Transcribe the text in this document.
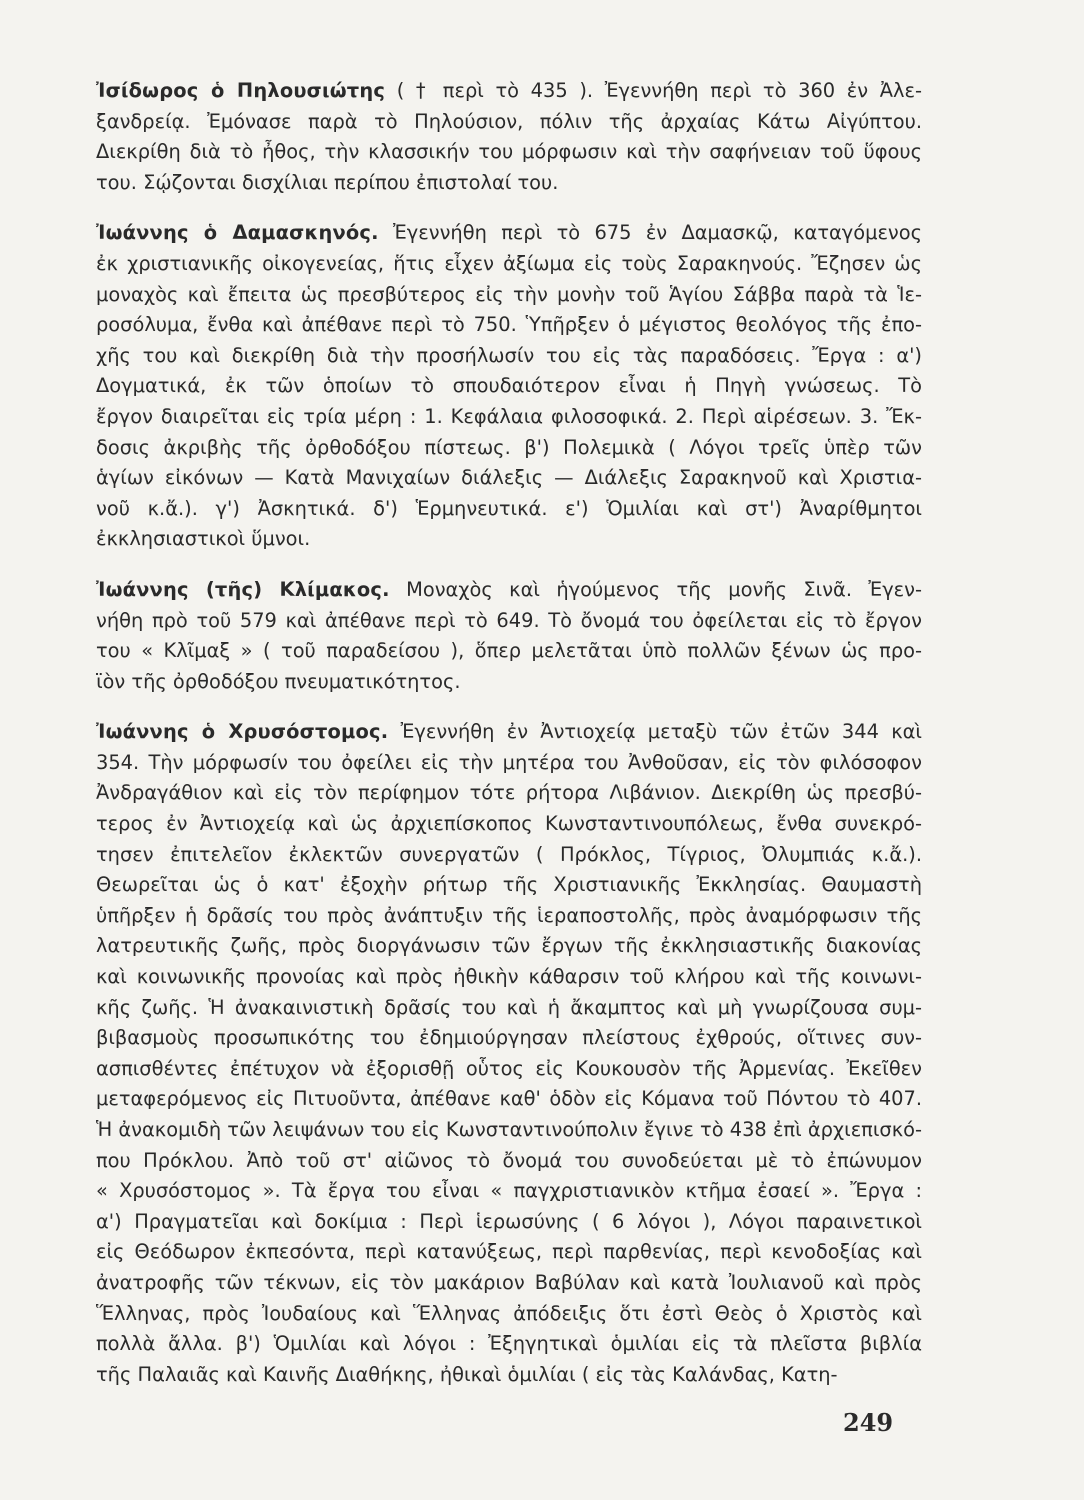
Ἰσίδωρος ὁ Πηλουσιώτης ( † περὶ τὸ 435 ). Ἐγεννήθη περὶ τὸ 360 ἐν Ἀλε-
ξανδρείᾳ. Ἐμόνασε παρὰ τὸ Πηλούσιον, πόλιν τῆς ἀρχαίας Κάτω Αἰγύπτου.
Διεκρίθη διὰ τὸ ἦθος, τὴν κλασσικήν του μόρφωσιν καὶ τὴν σαφήνειαν τοῦ ὕφους
του. Σῴζονται δισχίλιαι περίπου ἐπιστολαί του.
Ἰωάννης ὁ Δαμασκηνός. Ἐγεννήθη περὶ τὸ 675 ἐν Δαμασκῷ, καταγόμενος
ἐκ χριστιανικῆς οἰκογενείας, ἥτις εἶχεν ἀξίωμα εἰς τοὺς Σαρακηνούς. Ἔζησεν ὡς
μοναχὸς καὶ ἔπειτα ὡς πρεσβύτερος εἰς τὴν μονὴν τοῦ Ἁγίου Σάββα παρὰ τὰ Ἱε-
ροσόλυμα, ἔνθα καὶ ἀπέθανε περὶ τὸ 750. Ὑπῆρξεν ὁ μέγιστος θεολόγος τῆς ἐπο-
χῆς του καὶ διεκρίθη διὰ τὴν προσήλωσίν του εἰς τὰς παραδόσεις. Ἔργα : α')
Δογματικά, ἐκ τῶν ὁποίων τὸ σπουδαιότερον εἶναι ἡ Πηγὴ γνώσεως. Τὸ
ἔργον διαιρεῖται εἰς τρία μέρη : 1. Κεφάλαια φιλοσοφικά. 2. Περὶ αἱρέσεων. 3. Ἔκ-
δοσις ἀκριβὴς τῆς ὀρθοδόξου πίστεως. β') Πολεμικὰ ( Λόγοι τρεῖς ὑπὲρ τῶν
ἁγίων εἰκόνων — Κατὰ Μανιχαίων διάλεξις — Διάλεξις Σαρακηνοῦ καὶ Χριστια-
νοῦ κ.ἄ.). γ') Ἀσκητικά. δ') Ἑρμηνευτικά. ε') Ὁμιλίαι καὶ στ') Ἀναρίθμητοι
ἐκκλησιαστικοὶ ὕμνοι.
Ἰωάννης (τῆς) Κλίμακος. Μοναχὸς καὶ ἡγούμενος τῆς μονῆς Σινᾶ. Ἐγεν-
νήθη πρὸ τοῦ 579 καὶ ἀπέθανε περὶ τὸ 649. Τὸ ὄνομά του ὀφείλεται εἰς τὸ ἔργον
του « Κλῖμαξ » ( τοῦ παραδείσου ), ὅπερ μελετᾶται ὑπὸ πολλῶν ξένων ὡς προ-
ϊὸν τῆς ὀρθοδόξου πνευματικότητος.
Ἰωάννης ὁ Χρυσόστομος. Ἐγεννήθη ἐν Ἀντιοχείᾳ μεταξὺ τῶν ἐτῶν 344 καὶ
354. Τὴν μόρφωσίν του ὀφείλει εἰς τὴν μητέρα του Ἀνθοῦσαν, εἰς τὸν φιλόσοφον
Ἀνδραγάθιον καὶ εἰς τὸν περίφημον τότε ρήτορα Λιβάνιον. Διεκρίθη ὡς πρεσβύ-
τερος ἐν Ἀντιοχείᾳ καὶ ὡς ἀρχιεπίσκοπος Κωνσταντινουπόλεως, ἔνθα συνεκρό-
τησεν ἐπιτελεῖον ἐκλεκτῶν συνεργατῶν ( Πρόκλος, Τίγριος, Ὀλυμπιάς κ.ἄ.).
Θεωρεῖται ὡς ὁ κατ' ἐξοχὴν ρήτωρ τῆς Χριστιανικῆς Ἐκκλησίας. Θαυμαστὴ
ὑπῆρξεν ἡ δρᾶσίς του πρὸς ἀνάπτυξιν τῆς ἱεραποστολῆς, πρὸς ἀναμόρφωσιν τῆς
λατρευτικῆς ζωῆς, πρὸς διοργάνωσιν τῶν ἔργων τῆς ἐκκλησιαστικῆς διακονίας
καὶ κοινωνικῆς προνοίας καὶ πρὸς ἠθικὴν κάθαρσιν τοῦ κλήρου καὶ τῆς κοινωνι-
κῆς ζωῆς. Ἡ ἀνακαινιστικὴ δρᾶσίς του καὶ ἡ ἄκαμπτος καὶ μὴ γνωρίζουσα συμ-
βιβασμοὺς προσωπικότης του ἐδημιούργησαν πλείστους ἐχθρούς, οἵτινες συν-
ασπισθέντες ἐπέτυχον νὰ ἐξορισθῇ οὗτος εἰς Κουκουσὸν τῆς Ἀρμενίας. Ἐκεῖθεν
μεταφερόμενος εἰς Πιτυοῦντα, ἀπέθανε καθ' ὁδὸν εἰς Κόμανα τοῦ Πόντου τὸ 407.
Ἡ ἀνακομιδὴ τῶν λειψάνων του εἰς Κωνσταντινούπολιν ἔγινε τὸ 438 ἐπὶ ἀρχιεπισκό-
που Πρόκλου. Ἀπὸ τοῦ στ' αἰῶνος τὸ ὄνομά του συνοδεύεται μὲ τὸ ἐπώνυμον
« Χρυσόστομος ». Τὰ ἔργα του εἶναι « παγχριστιανικὸν κτῆμα ἐσαεί ». Ἔργα :
α') Πραγματεῖαι καὶ δοκίμια : Περὶ ἱερωσύνης ( 6 λόγοι ), Λόγοι παραινετικοὶ
εἰς Θεόδωρον ἐκπεσόντα, περὶ κατανύξεως, περὶ παρθενίας, περὶ κενοδοξίας καὶ
ἀνατροφῆς τῶν τέκνων, εἰς τὸν μακάριον Βαβύλαν καὶ κατὰ Ἰουλιανοῦ καὶ πρὸς
Ἕλληνας, πρὸς Ἰουδαίους καὶ Ἕλληνας ἀπόδειξις ὅτι ἐστὶ Θεὸς ὁ Χριστὸς καὶ
πολλὰ ἄλλα. β') Ὁμιλίαι καὶ λόγοι : Ἐξηγητικαὶ ὁμιλίαι εἰς τὰ πλεῖστα βιβλία
τῆς Παλαιᾶς καὶ Καινῆς Διαθήκης, ἠθικαὶ ὁμιλίαι ( εἰς τὰς Καλάνδας, Κατη-
249
